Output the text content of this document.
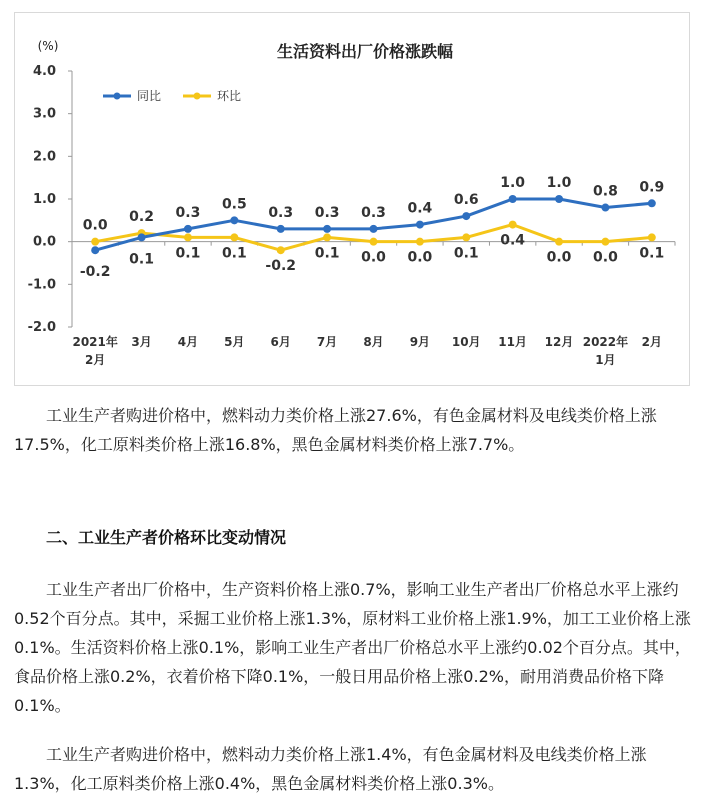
生活资料出厂价格涨跌幅
(%)
同比	环比
4.0
3.0
2.0
1.0
0.0
-1.0
-2.0
2021年
2月
3月 4月 5月 6月 7月 8月 9月 10月 11月 12月 2022年
1月
2月
-0.2
0.0
0.1
0.2 0.3
0.1
0.5
0.1
0.3
-0.2
0.3
0.1
0.3
0.0
0.4
0.0
0.6
0.1
1.0
0.4
1.0
0.0
0.8
0.0
0.9
0.1

工业生产者购进价格中，燃料动力类价格上涨27.6%，有色金属材料及电线类价格上涨17.5%，化工原料类价格上涨16.8%，黑色金属材料类价格上涨7.7%。

二、工业生产者价格环比变动情况

工业生产者出厂价格中，生产资料价格上涨0.7%，影响工业生产者出厂价格总水平上涨约0.52个百分点。其中，采掘工业价格上涨1.3%，原材料工业价格上涨1.9%，加工工业价格上涨0.1%。生活资料价格上涨0.1%，影响工业生产者出厂价格总水平上涨约0.02个百分点。其中，食品价格上涨0.2%，衣着价格下降0.1%，一般日用品价格上涨0.2%，耐用消费品价格下降0.1%。

工业生产者购进价格中，燃料动力类价格上涨1.4%，有色金属材料及电线类价格上涨1.3%，化工原料类价格上涨0.4%，黑色金属材料类价格上涨0.3%。
